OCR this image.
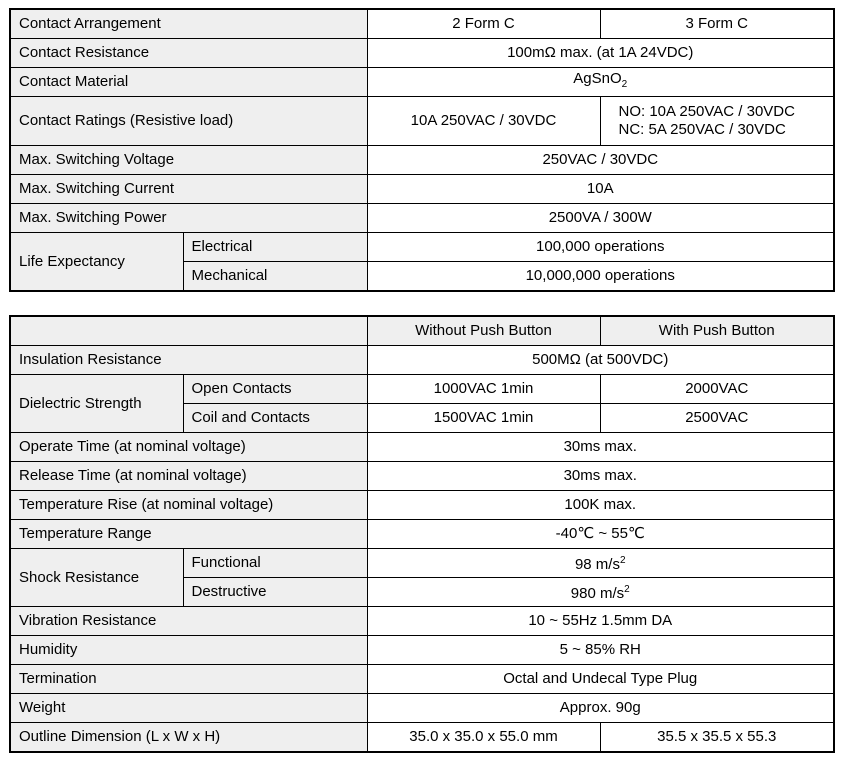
Contact Arrangement		2 Form C	3 Form C
Contact Resistance		100mΩ max. (at 1A 24VDC)	
Contact Material		AgSnO$_2$
Contact Ratings (Resistive load)		10A 250VAC / 30VDC	NO: 10A 250VAC / 30VDC
NC: 5A 250VAC / 30VDC

Max. Switching Voltage		250VAC / 30VDC	
Max. Switching Current		10A	
Max. Switching Power		2500VA / 300W	
Life Expectancy	Electrical	100,000 operations	
	Mechanical	10,000,000 operations	
		Without Push Button	With Push Button
Insulation Resistance		500MΩ (at 500VDC)	
Dielectric Strength	Open Contacts	1000VAC 1min	2000VAC
	Coil and Contacts	1500VAC 1min	2500VAC
Operate Time (at nominal voltage)		30ms max.	
Release Time (at nominal voltage)		30ms max.	
Temperature Rise (at nominal voltage)		100K max.	
Temperature Range		-40℃ ~ 55℃	
Shock Resistance	Functional	98 $m/s^2$
	Destructive	980 $m/s^2$
Vibration Resistance		10 ~ 55Hz 1.5mm DA	
Humidity		5 ~ 85% RH	
Termination		Octal and Undecal Type Plug	
Weight		Approx. 90g	
Outline Dimension (L x W x H)		35.0 x 35.0 x 55.0 mm	35.5 x 35.5 x 55.3
